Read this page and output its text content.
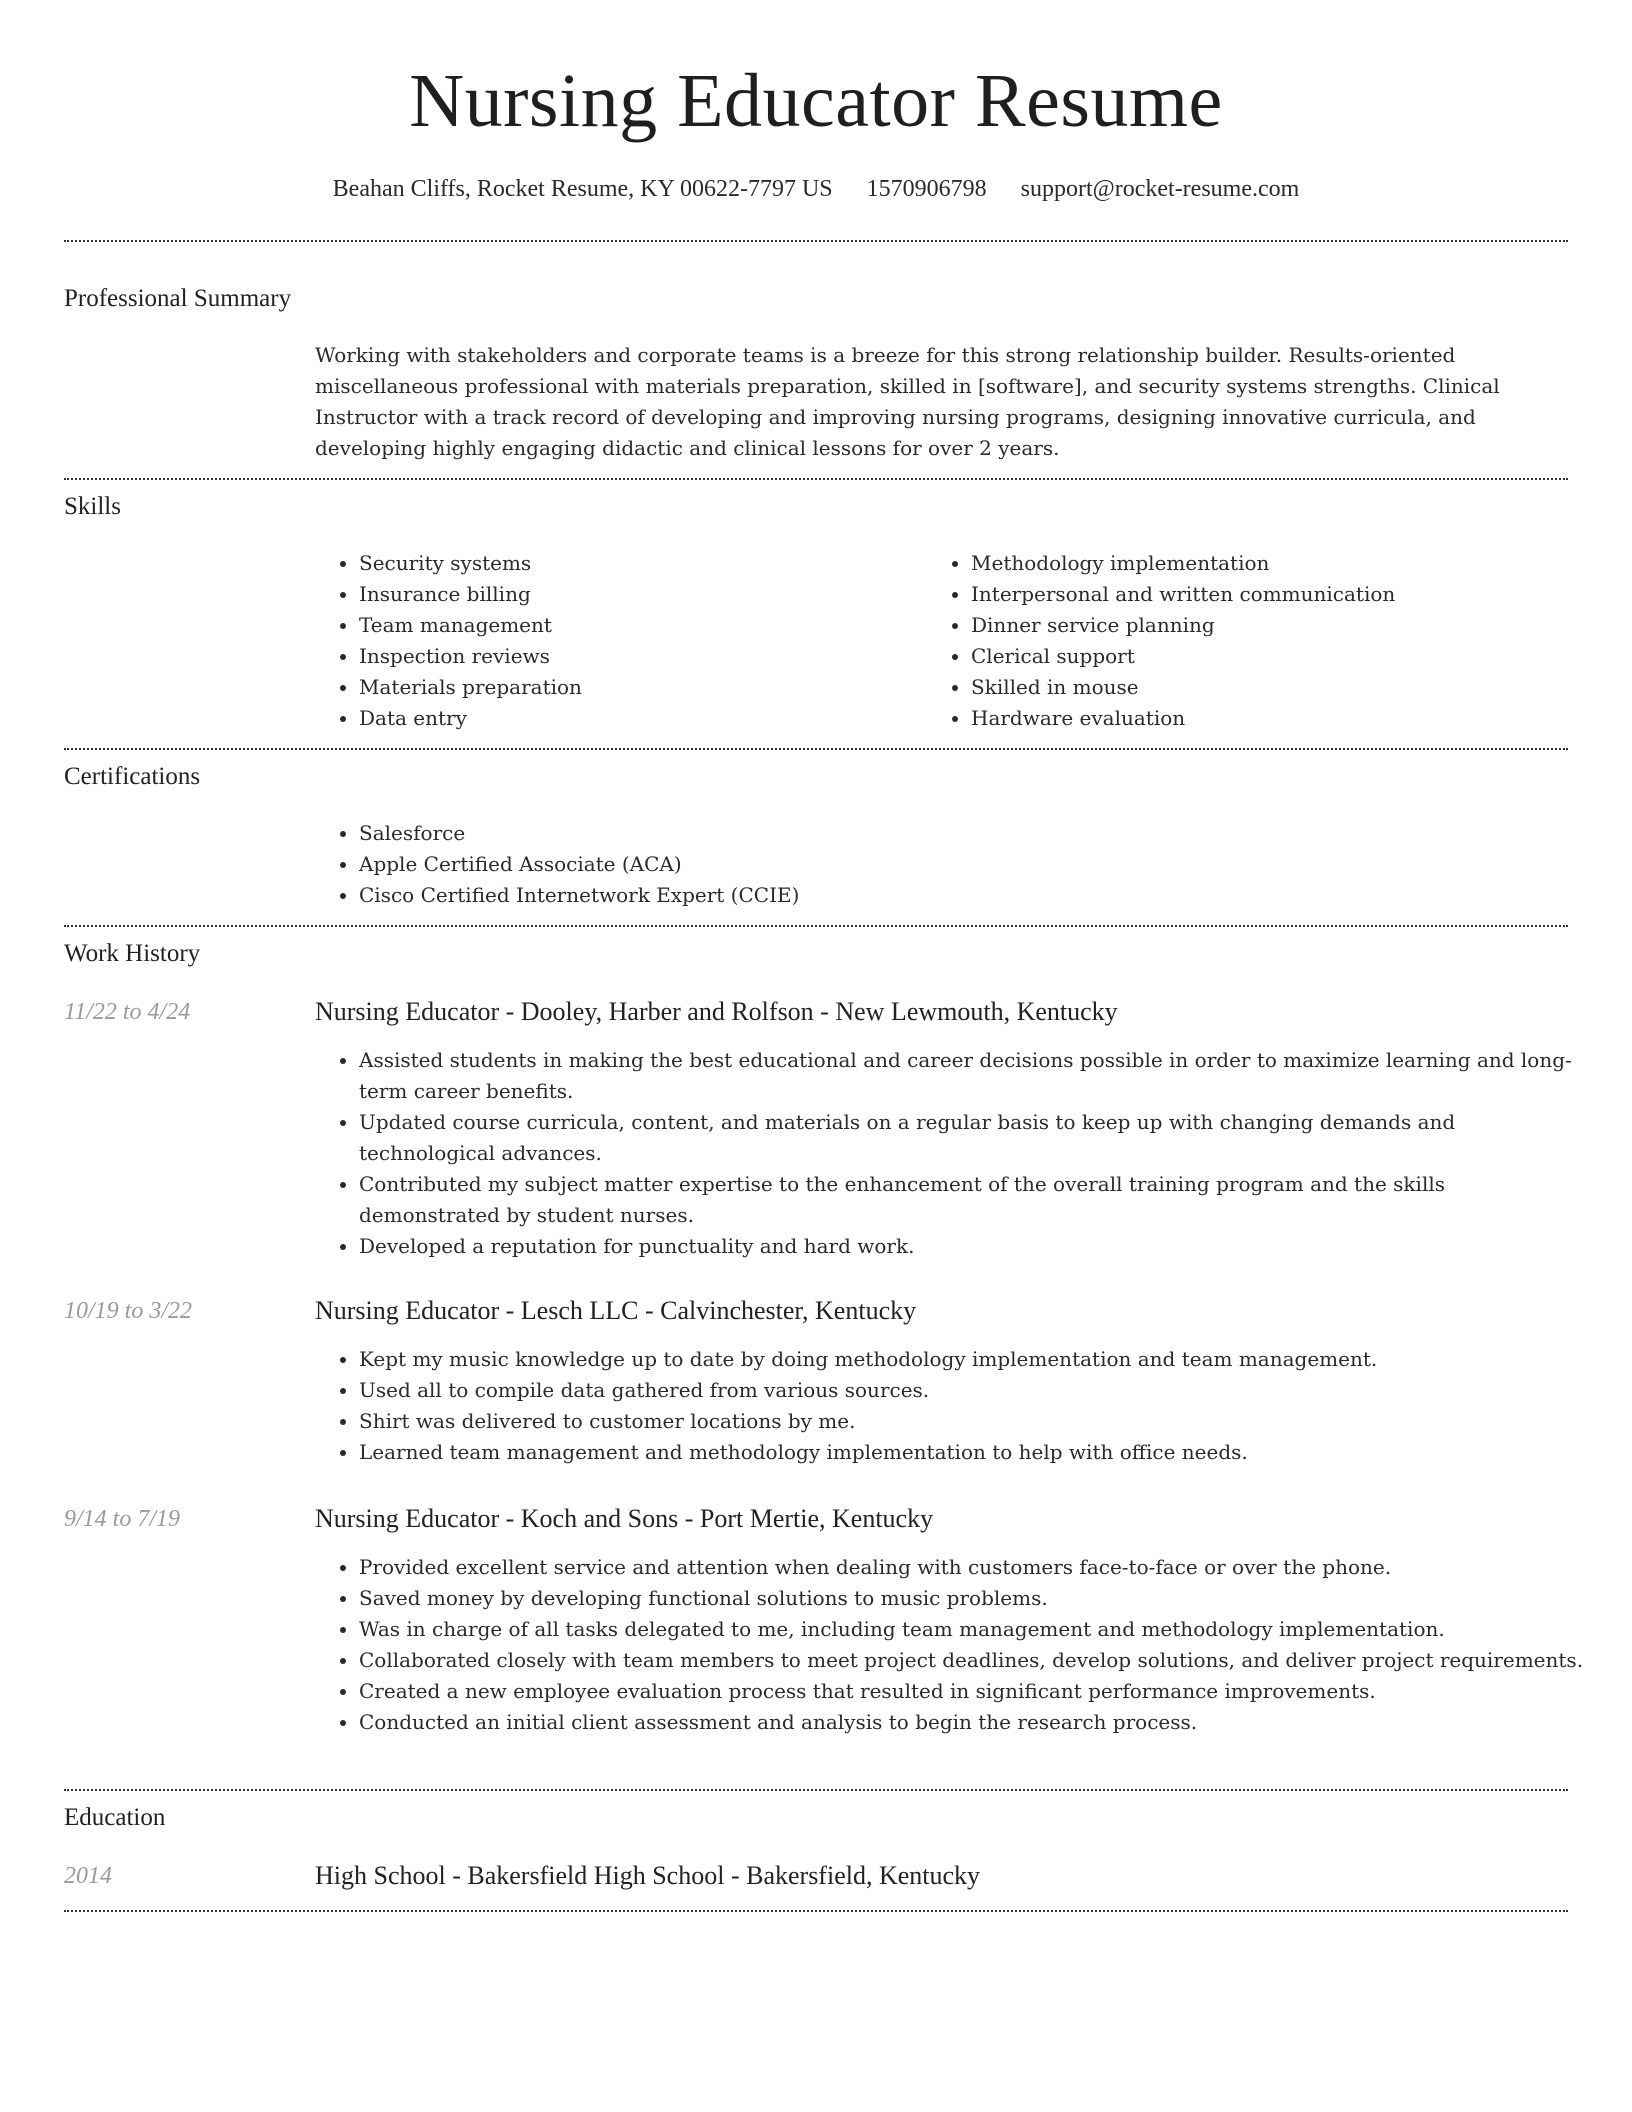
Nursing Educator Resume
Beahan Cliffs, Rocket Resume, KY 00622-7797 US 1570906798 support@rocket-resume.com
Professional Summary
Working with stakeholders and corporate teams is a breeze for this strong relationship builder. Results-oriented miscellaneous professional with materials preparation, skilled in [software], and security systems strengths. Clinical Instructor with a track record of developing and improving nursing programs, designing innovative curricula, and developing highly engaging didactic and clinical lessons for over 2 years.
Skills
• Security systems
• Insurance billing
• Team management
• Inspection reviews
• Materials preparation
• Data entry
• Methodology implementation
• Interpersonal and written communication
• Dinner service planning
• Clerical support
• Skilled in mouse
• Hardware evaluation
Certifications
• Salesforce
• Apple Certified Associate (ACA)
• Cisco Certified Internetwork Expert (CCIE)
Work History
11/22 to 4/24	Nursing Educator - Dooley, Harber and Rolfson - New Lewmouth, Kentucky
• Assisted students in making the best educational and career decisions possible in order to maximize learning and long-term career benefits.
• Updated course curricula, content, and materials on a regular basis to keep up with changing demands and technological advances.
• Contributed my subject matter expertise to the enhancement of the overall training program and the skills demonstrated by student nurses.
• Developed a reputation for punctuality and hard work.
10/19 to 3/22	Nursing Educator - Lesch LLC - Calvinchester, Kentucky
• Kept my music knowledge up to date by doing methodology implementation and team management.
• Used all to compile data gathered from various sources.
• Shirt was delivered to customer locations by me.
• Learned team management and methodology implementation to help with office needs.
9/14 to 7/19	Nursing Educator - Koch and Sons - Port Mertie, Kentucky
• Provided excellent service and attention when dealing with customers face-to-face or over the phone.
• Saved money by developing functional solutions to music problems.
• Was in charge of all tasks delegated to me, including team management and methodology implementation.
• Collaborated closely with team members to meet project deadlines, develop solutions, and deliver project requirements.
• Created a new employee evaluation process that resulted in significant performance improvements.
• Conducted an initial client assessment and analysis to begin the research process.
Education
2014	High School - Bakersfield High School - Bakersfield, Kentucky
